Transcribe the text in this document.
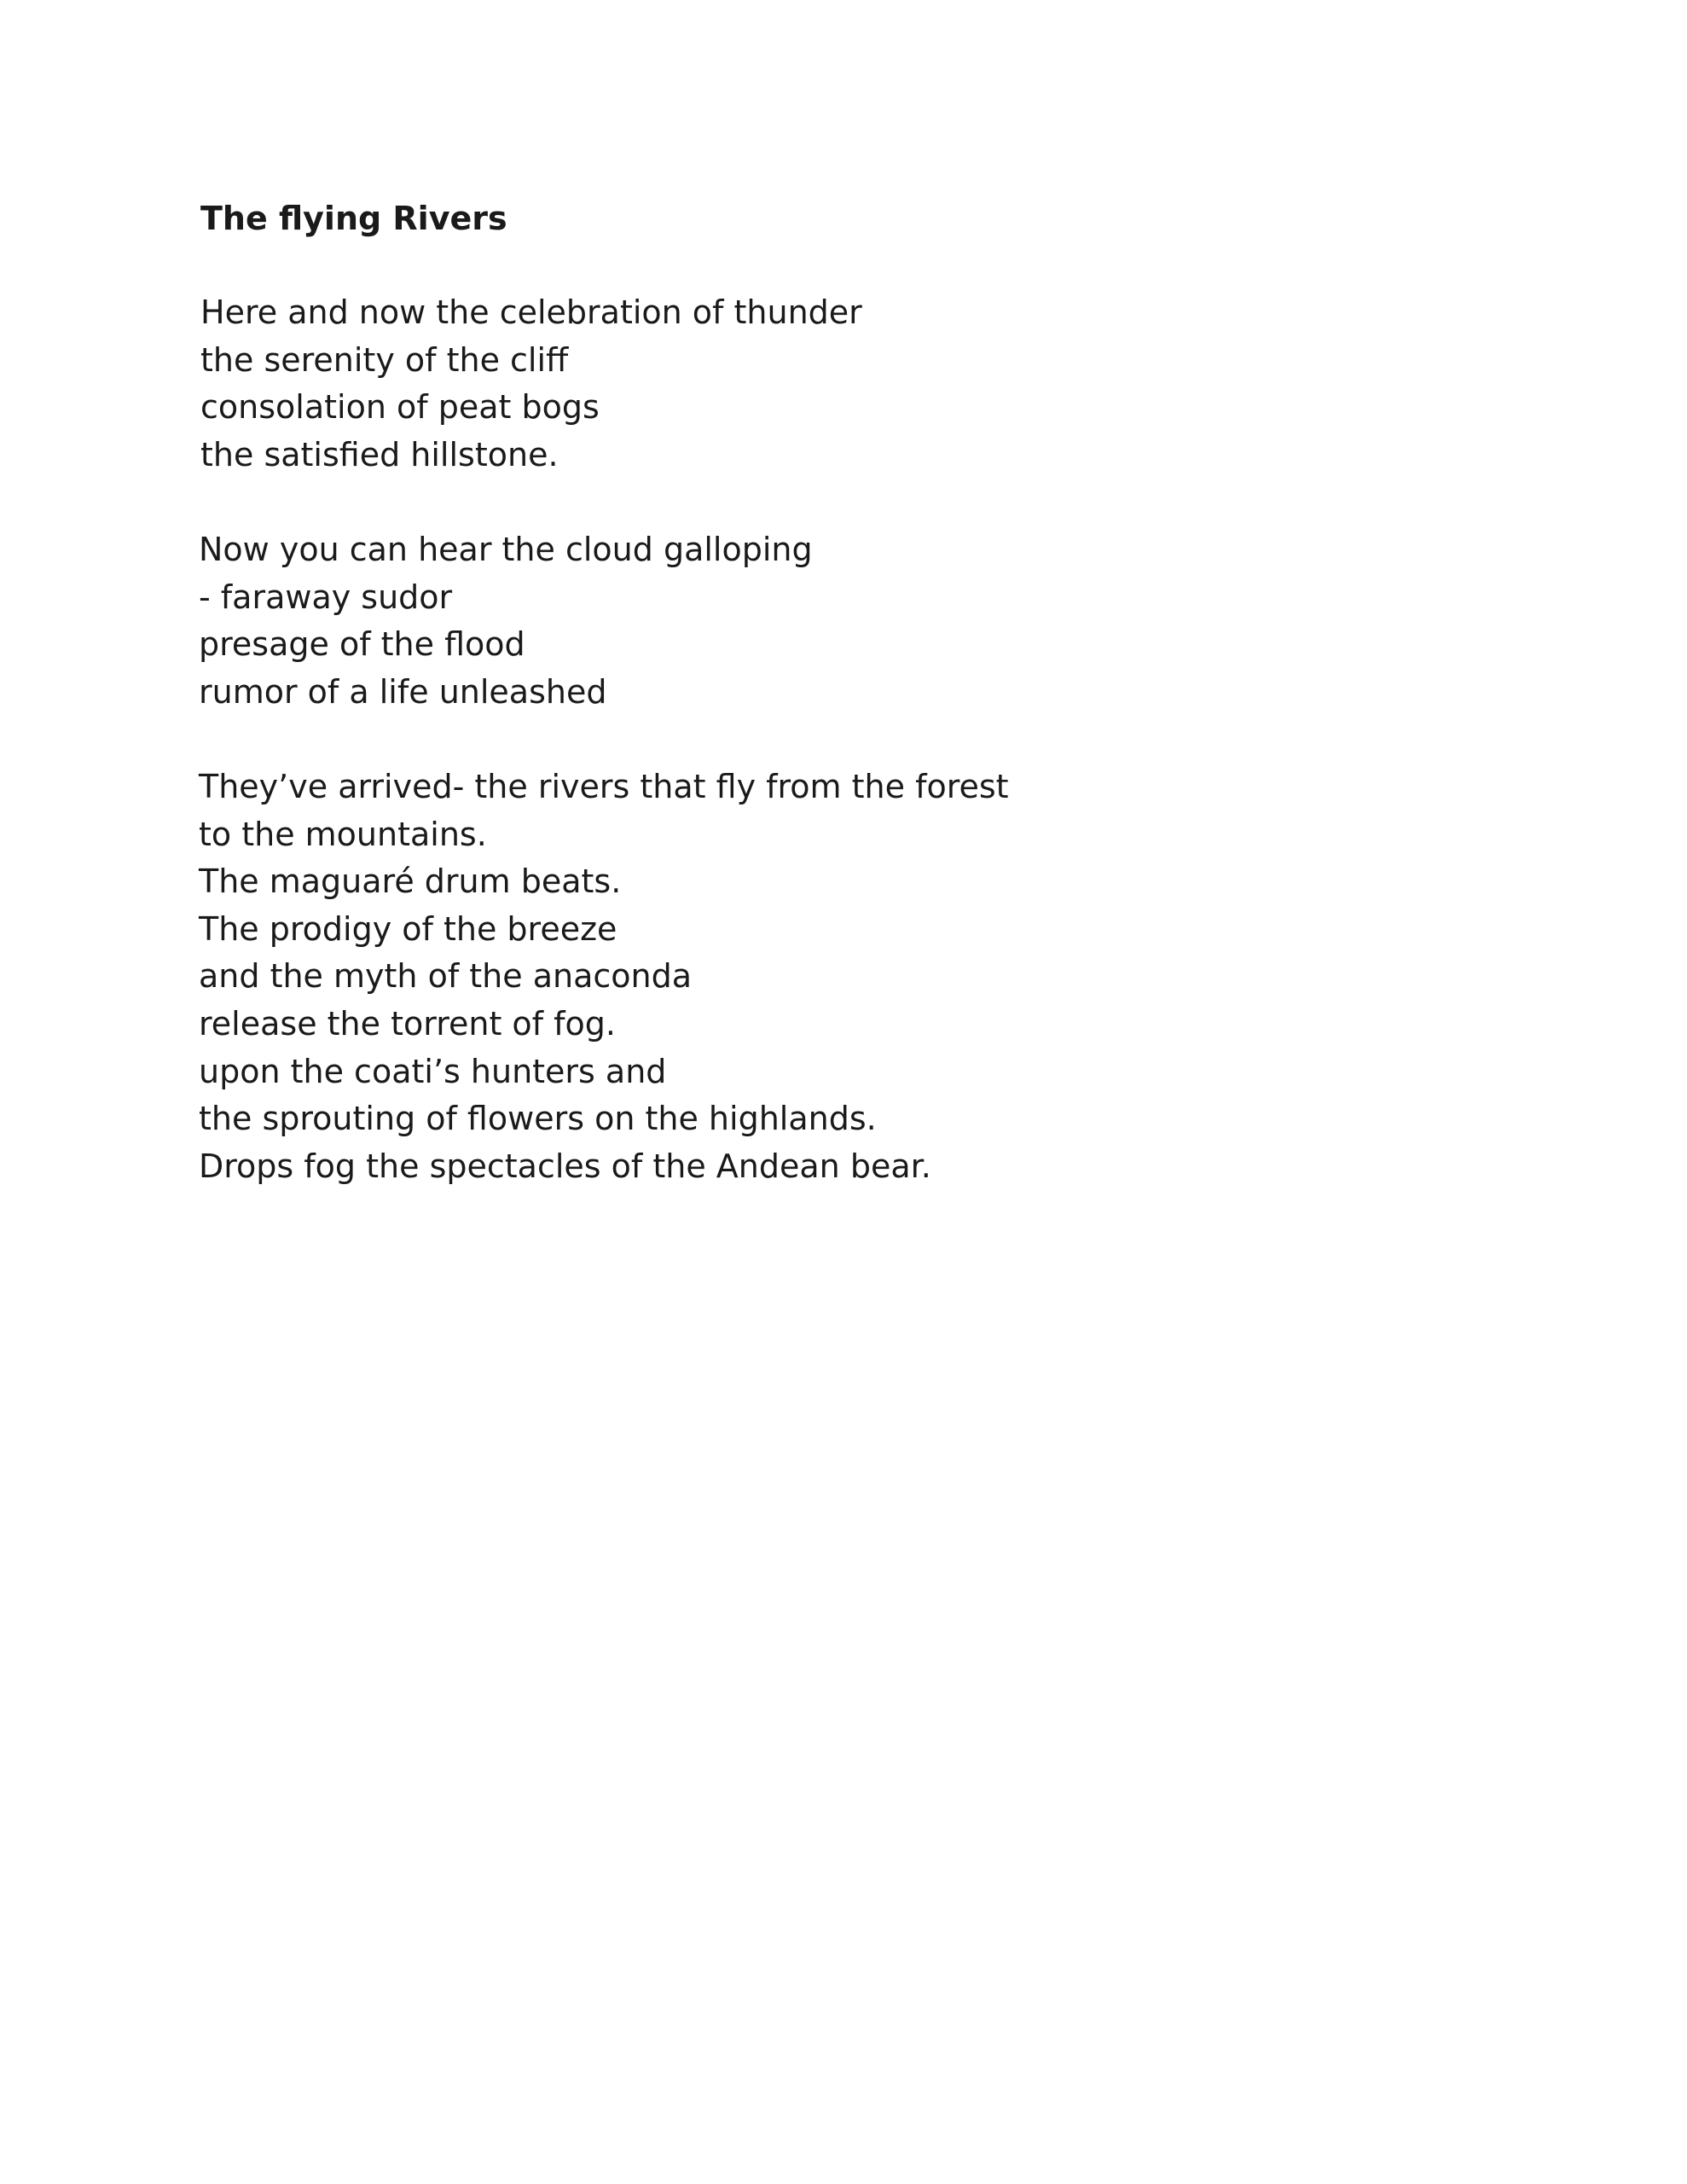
The flying Rivers
Here and now the celebration of thunder
the serenity of the cliff
consolation of peat bogs
the satisfied hillstone.
Now you can hear the cloud galloping
- faraway sudor
presage of the flood
rumor of a life unleashed
They’ve arrived- the rivers that fly from the forest
to the mountains.
The maguaré drum beats.
The prodigy of the breeze
and the myth of the anaconda
release the torrent of fog.
upon the coati’s hunters and
the sprouting of flowers on the highlands.
Drops fog the spectacles of the Andean bear.
